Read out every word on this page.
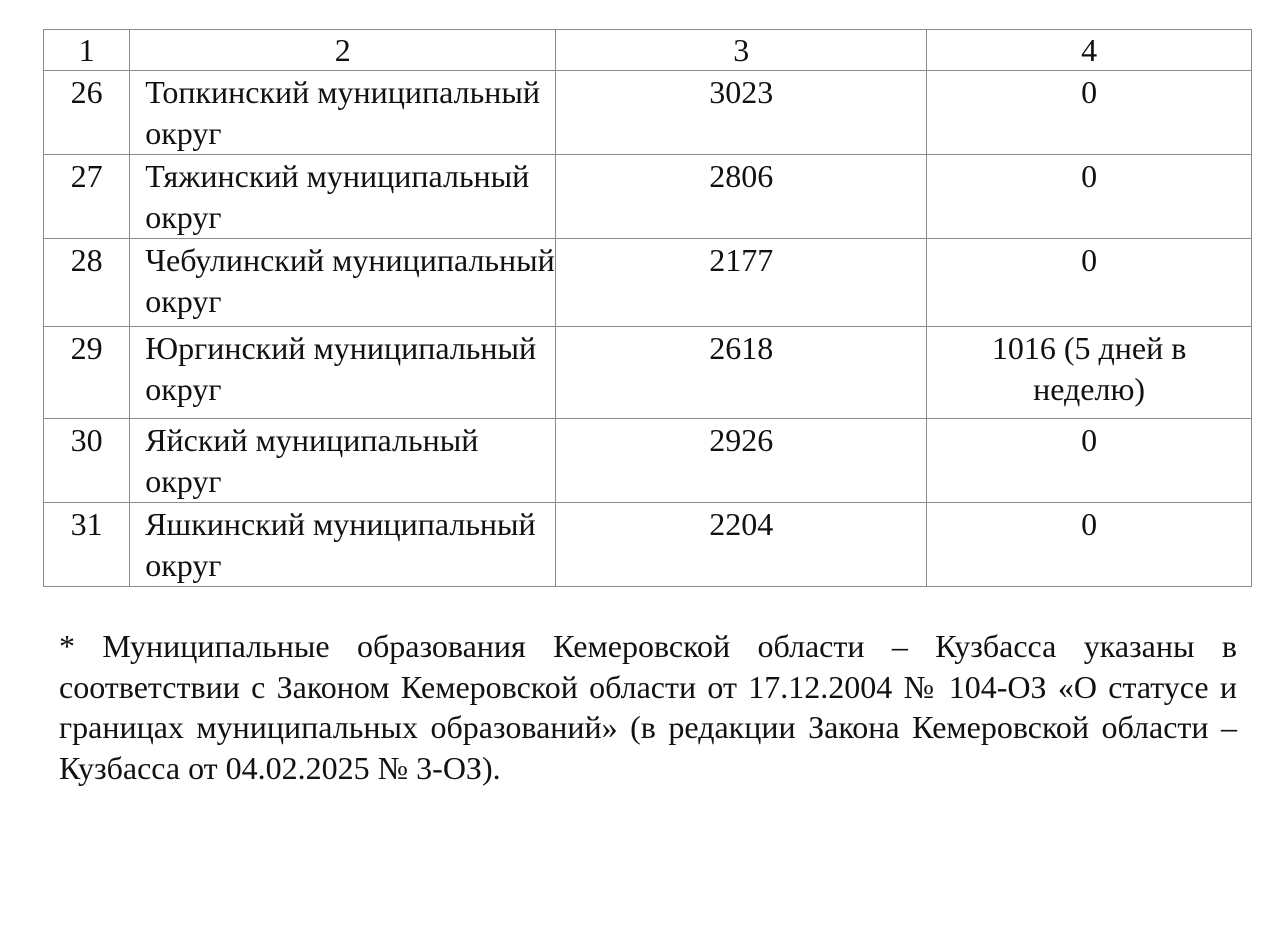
1	2	3	4

26	Топкинский муниципальный округ	3023	0

27	Тяжинский муниципальный округ	2806	0

28	Чебулинский муниципальный округ	2177	0

29	Юргинский муниципальный округ	2618	1016 (5 дней в неделю)

30	Яйский муниципальный округ	2926	0

31	Яшкинский муниципальный округ	2204	0

* Муниципальные образования Кемеровской области – Кузбасса указаны в соответствии с Законом Кемеровской области от 17.12.2004 № 104-ОЗ «О статусе и границах муниципальных образований» (в редакции Закона Кемеровской области – Кузбасса от 04.02.2025 № 3-ОЗ).
